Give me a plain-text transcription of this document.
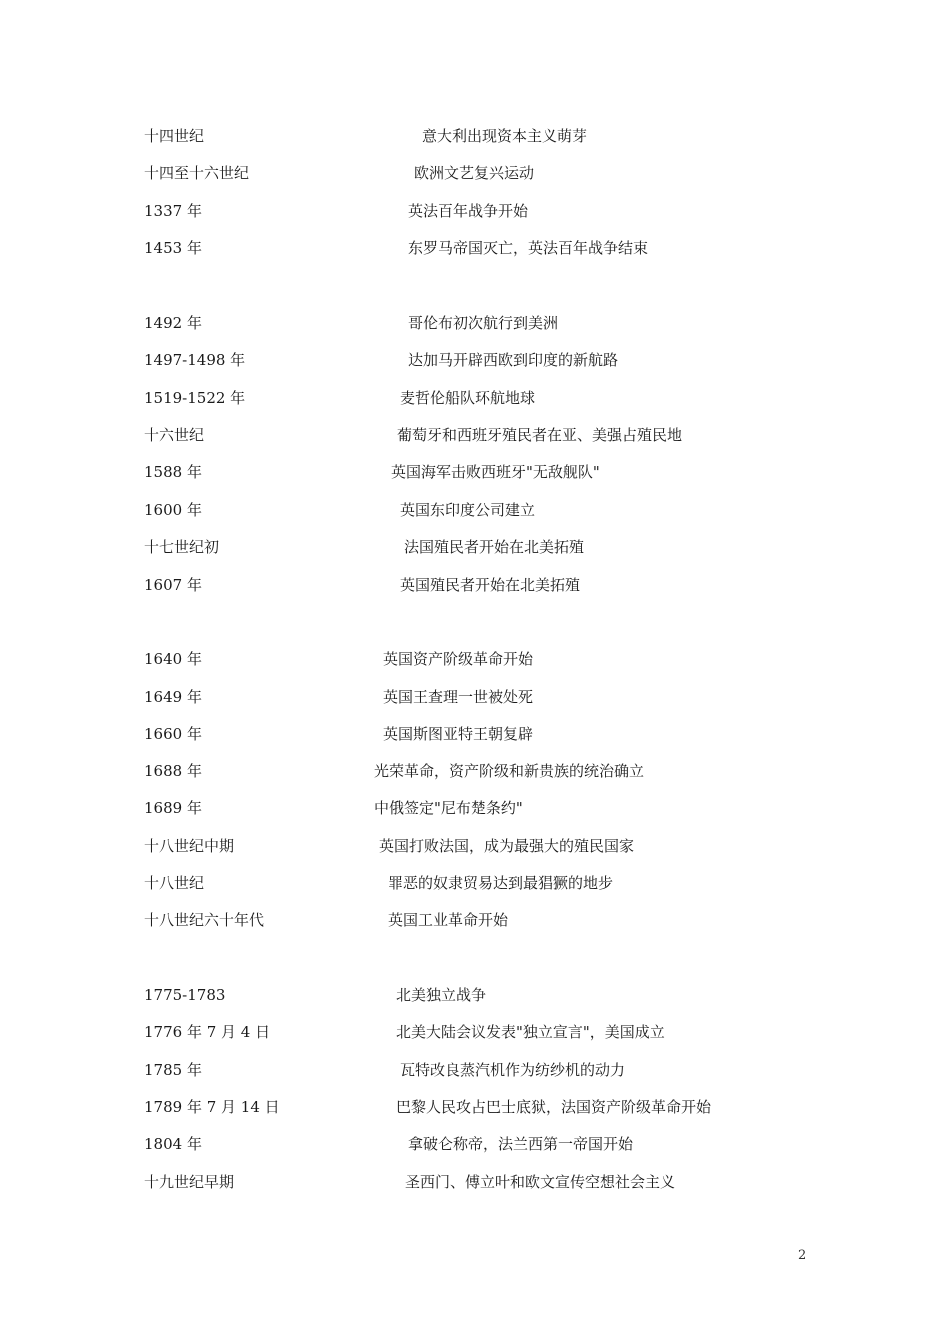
十四世纪	意大利出现资本主义萌芽
十四至十六世纪	欧洲文艺复兴运动
1337 年	英法百年战争开始
1453 年	东罗马帝国灭亡，英法百年战争结束
1492 年	哥伦布初次航行到美洲
1497-1498 年	达加马开辟西欧到印度的新航路
1519-1522 年	麦哲伦船队环航地球
十六世纪	葡萄牙和西班牙殖民者在亚、美强占殖民地
1588 年	英国海军击败西班牙"无敌舰队"
1600 年	英国东印度公司建立
十七世纪初	法国殖民者开始在北美拓殖
1607 年	英国殖民者开始在北美拓殖
1640 年	英国资产阶级革命开始
1649 年	英国王查理一世被处死
1660 年	英国斯图亚特王朝复辟
1688 年	光荣革命，资产阶级和新贵族的统治确立
1689 年	中俄签定"尼布楚条约"
十八世纪中期	英国打败法国，成为最强大的殖民国家
十八世纪	罪恶的奴隶贸易达到最猖獗的地步
十八世纪六十年代	英国工业革命开始
1775-1783	北美独立战争
1776 年 7 月 4 日	北美大陆会议发表"独立宣言"，美国成立
1785 年	瓦特改良蒸汽机作为纺纱机的动力
1789 年 7 月 14 日	巴黎人民攻占巴士底狱，法国资产阶级革命开始
1804 年	拿破仑称帝，法兰西第一帝国开始
十九世纪早期	圣西门、傅立叶和欧文宣传空想社会主义
2
